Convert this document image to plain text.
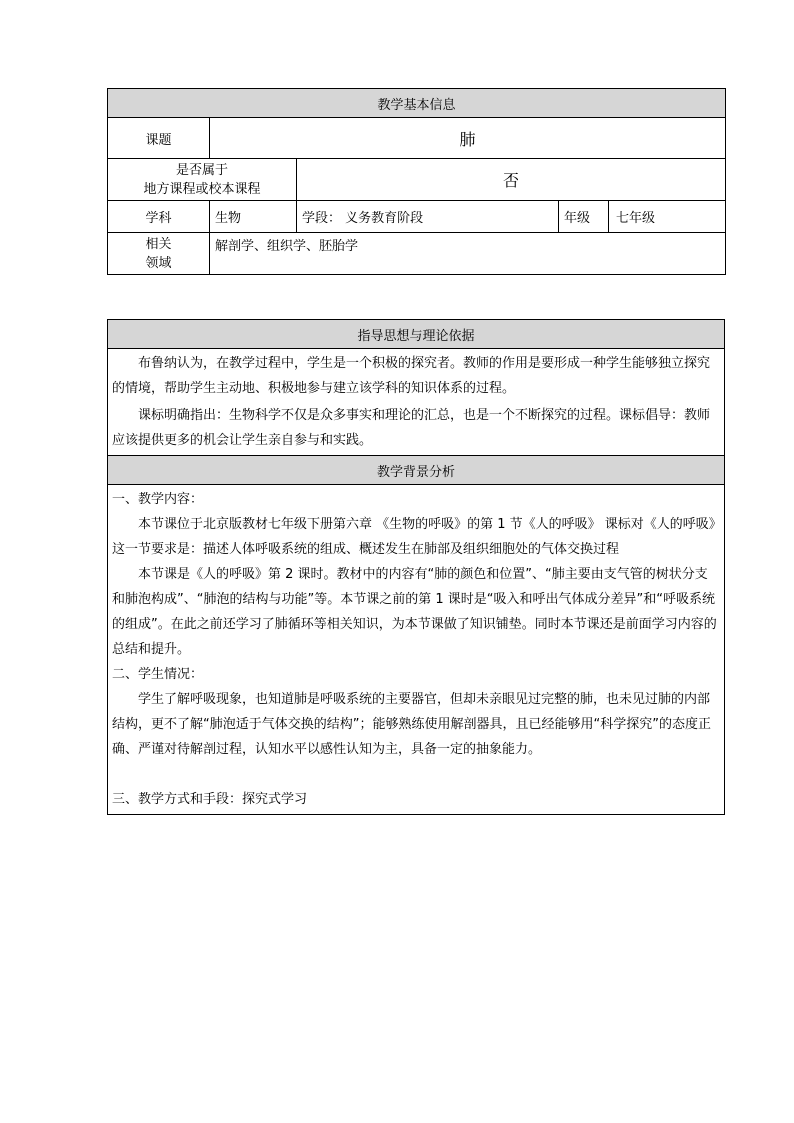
教学基本信息				
课题	肺			

是否属于
地方课程或校本课程		否		
学科	生物	学段： 义务教育阶段	年级	七年级

相关
领域	解剖学、组织学、胚胎学			
指导思想与理论依据

布鲁纳认为，在教学过程中，学生是一个积极的探究者。教师的作用是要形成一种学生能够独立探究的情境，帮助学生主动地、积极地参与建立该学科的知识体系的过程。

课标明确指出：生物科学不仅是众多事实和理论的汇总，也是一个不断探究的过程。课标倡导：教师应该提供更多的机会让学生亲自参与和实践。

教学背景分析

一、教学内容：

本节课位于北京版教材七年级下册第六章 《生物的呼吸》的第 1 节《人的呼吸》 课标对《人的呼吸》这一节要求是：描述人体呼吸系统的组成、概述发生在肺部及组织细胞处的气体交换过程

本节课是《人的呼吸》第 2 课时。教材中的内容有“肺的颜色和位置”、“肺主要由支气管的树状分支和肺泡构成”、“肺泡的结构与功能”等。本节课之前的第 1 课时是“吸入和呼出气体成分差异”和“呼吸系统的组成”。在此之前还学习了肺循环等相关知识，为本节课做了知识铺垫。同时本节课还是前面学习内容的总结和提升。

二、学生情况：

学生了解呼吸现象，也知道肺是呼吸系统的主要器官，但却未亲眼见过完整的肺，也未见过肺的内部结构，更不了解“肺泡适于气体交换的结构”；能够熟练使用解剖器具，且已经能够用“科学探究”的态度正确、严谨对待解剖过程，认知水平以感性认知为主，具备一定的抽象能力。

三、教学方式和手段：探究式学习
